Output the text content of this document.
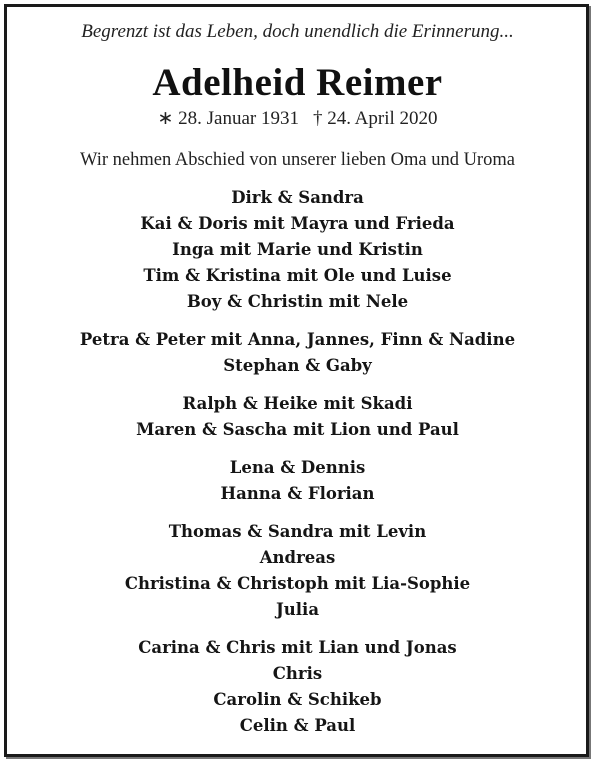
Begrenzt ist das Leben, doch unendlich die Erinnerung...
Adelheid Reimer
∗ 28. Januar 1931 † 24. April 2020
Wir nehmen Abschied von unserer lieben Oma und Uroma
Dirk & Sandra
Kai & Doris mit Mayra und Frieda
Inga mit Marie und Kristin
Tim & Kristina mit Ole und Luise
Boy & Christin mit Nele
Petra & Peter mit Anna, Jannes, Finn & Nadine
Stephan & Gaby
Ralph & Heike mit Skadi
Maren & Sascha mit Lion und Paul
Lena & Dennis
Hanna & Florian
Thomas & Sandra mit Levin
Andreas
Christina & Christoph mit Lia-Sophie
Julia
Carina & Chris mit Lian und Jonas
Chris
Carolin & Schikeb
Celin & Paul
